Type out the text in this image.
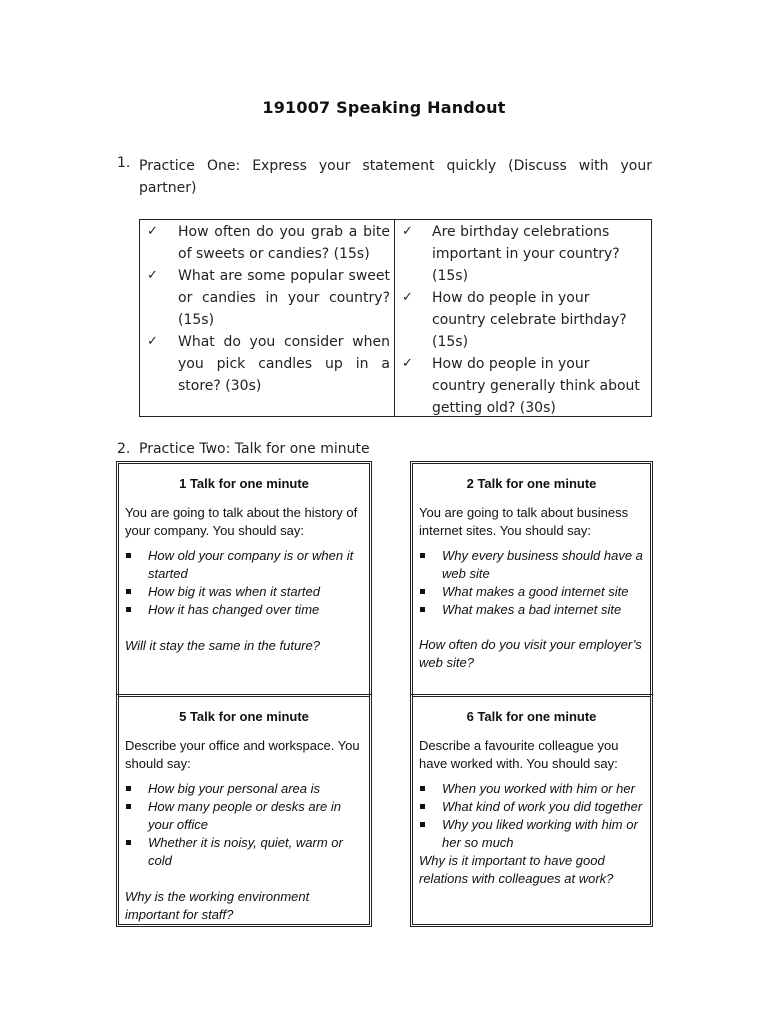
191007 Speaking Handout
1. Practice One: Express your statement quickly (Discuss with your partner)
✓ How often do you grab a bite of sweets or candies? (15s)
✓ What are some popular sweet or candies in your country? (15s)
✓ What do you consider when you pick candles up in a store? (30s)
✓ Are birthday celebrations important in your country? (15s)
✓ How do people in your country celebrate birthday? (15s)
✓ How do people in your country generally think about getting old? (30s)
2. Practice Two: Talk for one minute
1 Talk for one minute
You are going to talk about the history of your company. You should say:
How old your company is or when it started
How big it was when it started
How it has changed over time
Will it stay the same in the future?
2 Talk for one minute
You are going to talk about business internet sites. You should say:
Why every business should have a web site
What makes a good internet site
What makes a bad internet site
How often do you visit your employer’s web site?
5 Talk for one minute
Describe your office and workspace. You should say:
How big your personal area is
How many people or desks are in your office
Whether it is noisy, quiet, warm or cold
Why is the working environment important for staff?
6 Talk for one minute
Describe a favourite colleague you have worked with. You should say:
When you worked with him or her
What kind of work you did together
Why you liked working with him or her so much
Why is it important to have good relations with colleagues at work?
